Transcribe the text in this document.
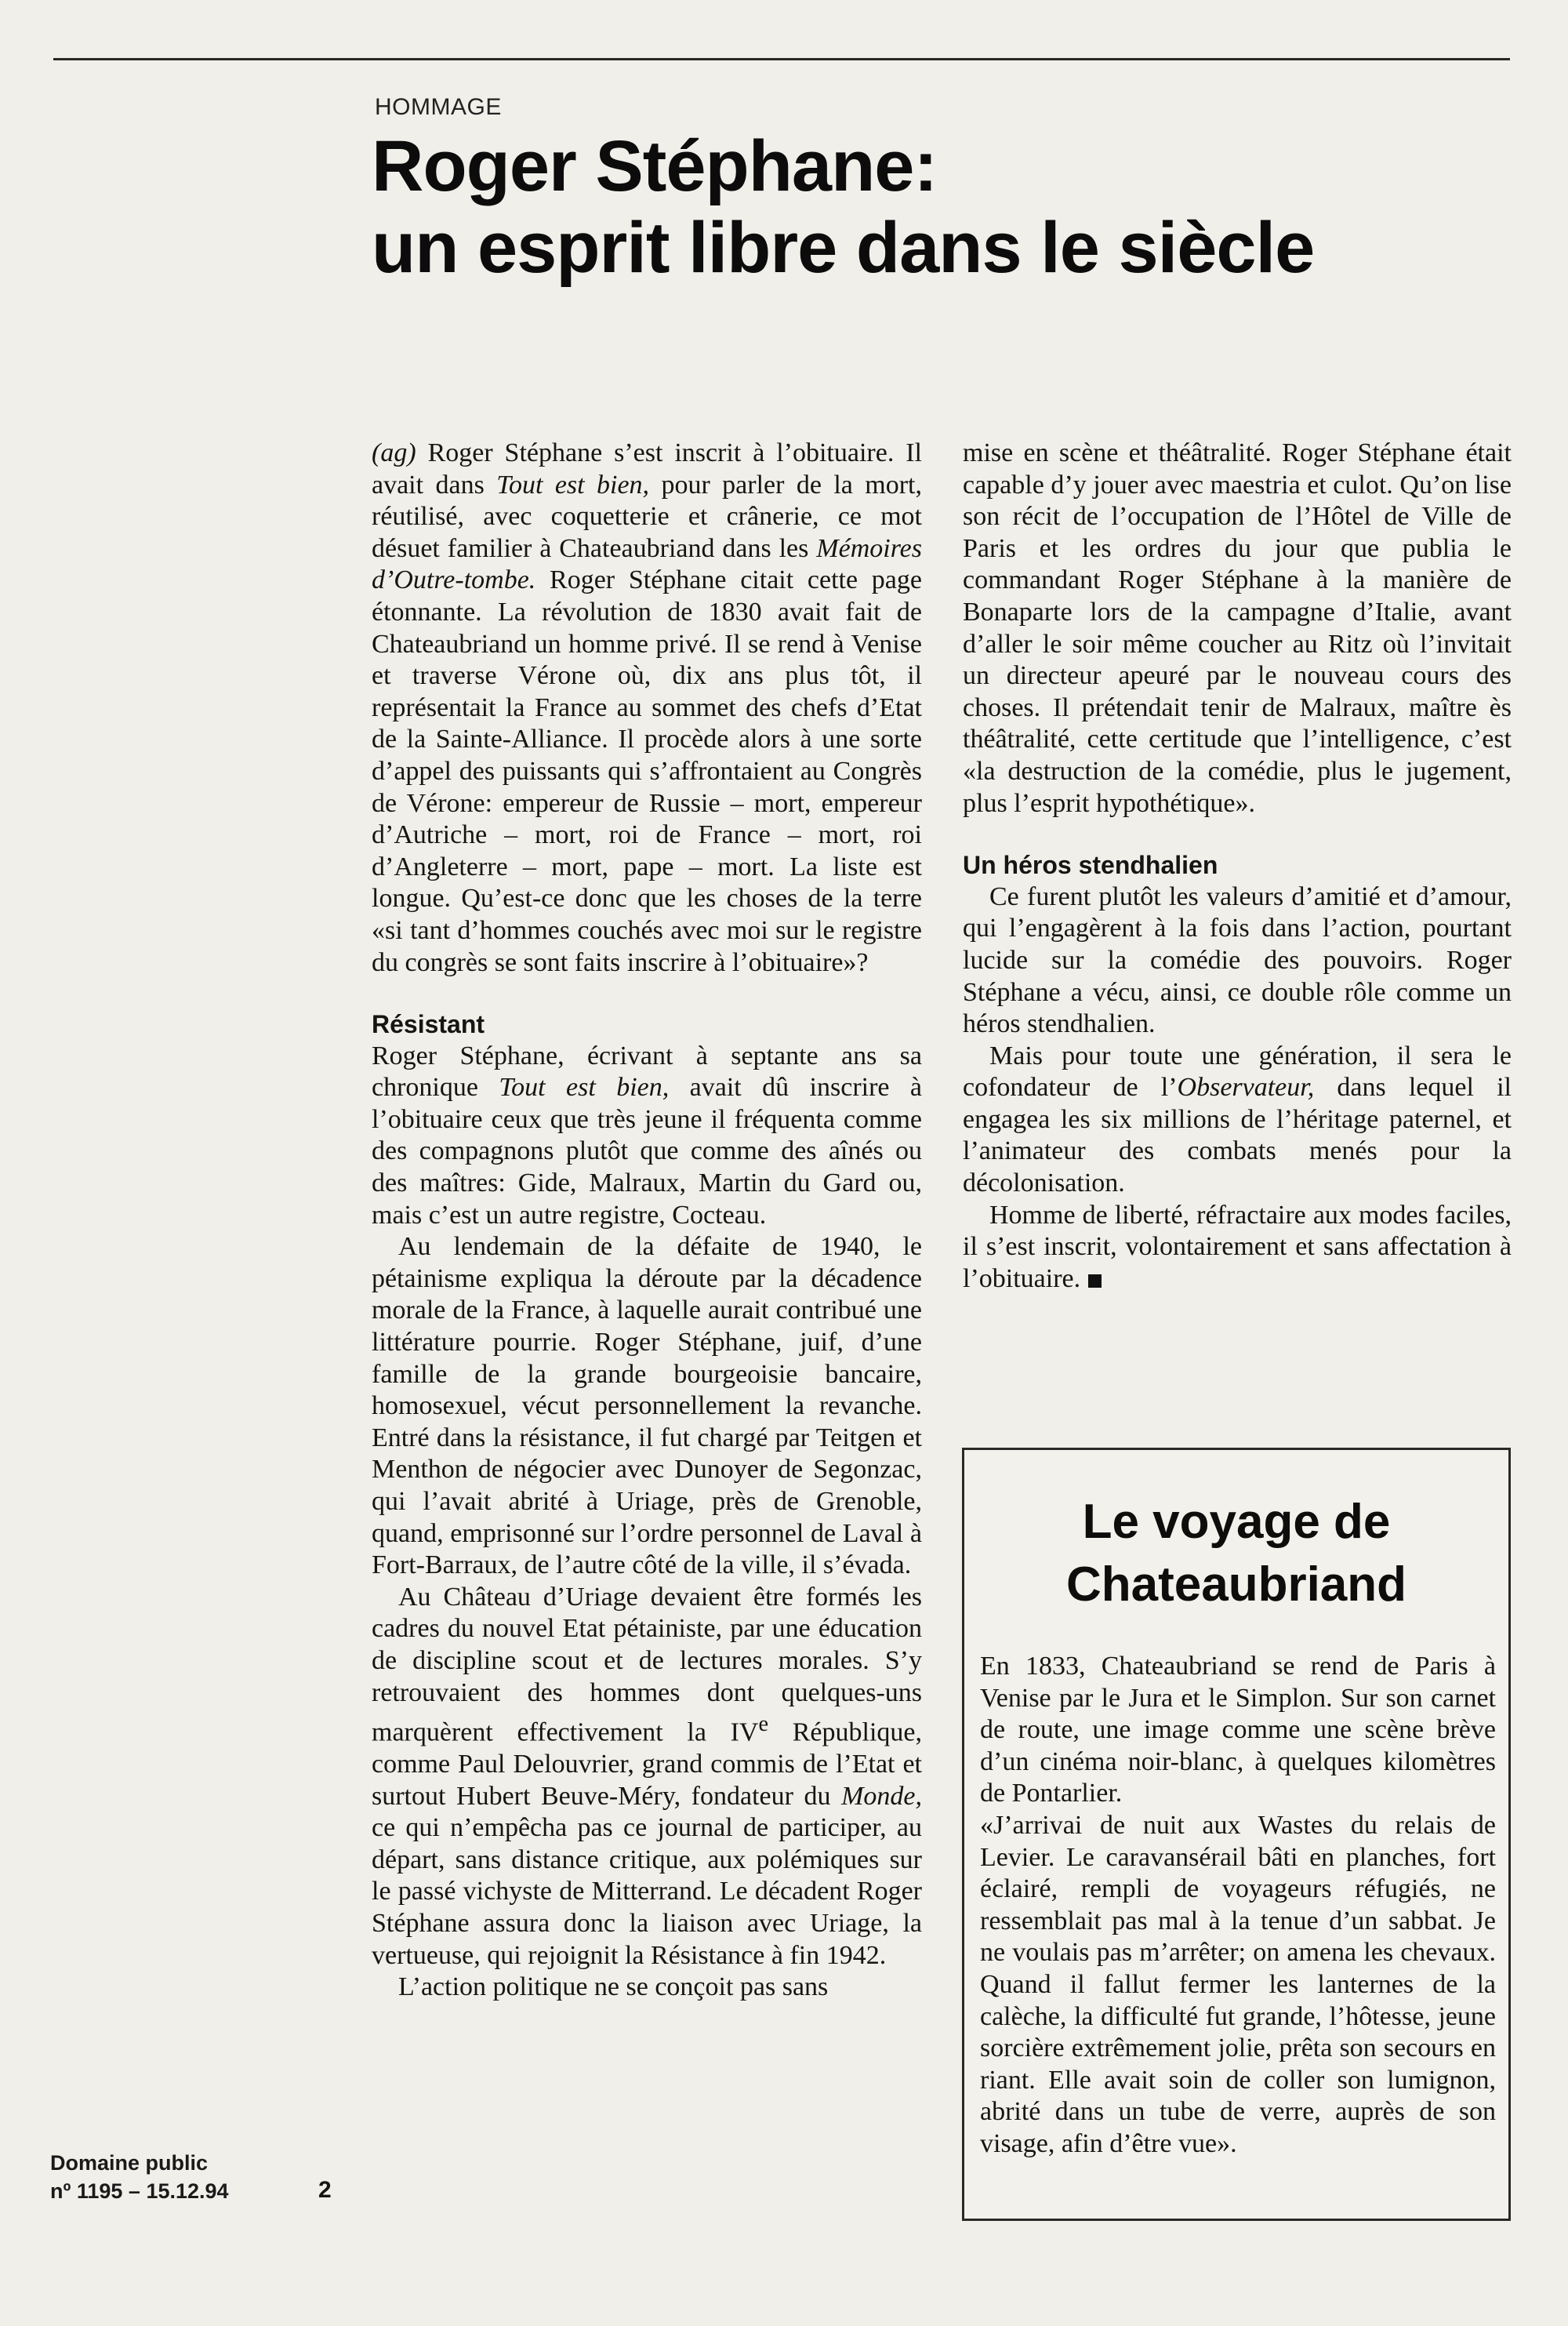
HOMMAGE
Roger Stéphane:
un esprit libre dans le siècle

(ag) Roger Stéphane s’est inscrit à l’obituaire. Il avait dans Tout est bien, pour parler de la mort, réutilisé, avec coquetterie et crânerie, ce mot désuet familier à Chateaubriand dans les Mémoires d’Outre-tombe. Roger Stéphane citait cette page étonnante. La révolution de 1830 avait fait de Chateaubriand un homme privé. Il se rend à Venise et traverse Vérone où, dix ans plus tôt, il représentait la France au sommet des chefs d’Etat de la Sainte-Alliance. Il procède alors à une sorte d’appel des puissants qui s’affrontaient au Congrès de Vérone: empereur de Russie – mort, empereur d’Autriche – mort, roi de France – mort, roi d’Angleterre – mort, pape – mort. La liste est longue. Qu’est-ce donc que les choses de la terre «si tant d’hommes couchés avec moi sur le registre du congrès se sont faits inscrire à l’obituaire»?

Résistant

Roger Stéphane, écrivant à septante ans sa chronique Tout est bien, avait dû inscrire à l’obituaire ceux que très jeune il fréquenta comme des compagnons plutôt que comme des aînés ou des maîtres: Gide, Malraux, Martin du Gard ou, mais c’est un autre registre, Cocteau.

Au lendemain de la défaite de 1940, le pétainisme expliqua la déroute par la décadence morale de la France, à laquelle aurait contribué une littérature pourrie. Roger Stéphane, juif, d’une famille de la grande bourgeoisie bancaire, homosexuel, vécut personnellement la revanche. Entré dans la résistance, il fut chargé par Teitgen et Menthon de négocier avec Dunoyer de Segonzac, qui l’avait abrité à Uriage, près de Grenoble, quand, emprisonné sur l’ordre personnel de Laval à Fort-Barraux, de l’autre côté de la ville, il s’évada.

Au Château d’Uriage devaient être formés les cadres du nouvel Etat pétainiste, par une éducation de discipline scout et de lectures morales. S’y retrouvaient des hommes dont quelques-uns marquèrent effectivement la IVe République, comme Paul Delouvrier, grand commis de l’Etat et surtout Hubert Beuve-Méry, fondateur du Monde, ce qui n’empêcha pas ce journal de participer, au départ, sans distance critique, aux polémiques sur le passé vichyste de Mitterrand. Le décadent Roger Stéphane assura donc la liaison avec Uriage, la vertueuse, qui rejoignit la Résistance à fin 1942.

L’action politique ne se conçoit pas sans

mise en scène et théâtralité. Roger Stéphane était capable d’y jouer avec maestria et culot. Qu’on lise son récit de l’occupation de l’Hôtel de Ville de Paris et les ordres du jour que publia le commandant Roger Stéphane à la manière de Bonaparte lors de la campagne d’Italie, avant d’aller le soir même coucher au Ritz où l’invitait un directeur apeuré par le nouveau cours des choses. Il prétendait tenir de Malraux, maître ès théâtralité, cette certitude que l’intelligence, c’est «la destruction de la comédie, plus le jugement, plus l’esprit hypothétique».

Un héros stendhalien

Ce furent plutôt les valeurs d’amitié et d’amour, qui l’engagèrent à la fois dans l’action, pourtant lucide sur la comédie des pouvoirs. Roger Stéphane a vécu, ainsi, ce double rôle comme un héros stendhalien.

Mais pour toute une génération, il sera le cofondateur de l’Observateur, dans lequel il engagea les six millions de l’héritage paternel, et l’animateur des combats menés pour la décolonisation.

Homme de liberté, réfractaire aux modes faciles, il s’est inscrit, volontairement et sans affectation à l’obituaire.

Le voyage de
Chateaubriand

En 1833, Chateaubriand se rend de Paris à Venise par le Jura et le Simplon. Sur son carnet de route, une image comme une scène brève d’un cinéma noir-blanc, à quelques kilomètres de Pontarlier.

«J’arrivai de nuit aux Wastes du relais de Levier. Le caravansérail bâti en planches, fort éclairé, rempli de voyageurs réfugiés, ne ressemblait pas mal à la tenue d’un sabbat. Je ne voulais pas m’arrêter; on amena les chevaux. Quand il fallut fermer les lanternes de la calèche, la difficulté fut grande, l’hôtesse, jeune sorcière extrêmement jolie, prêta son secours en riant. Elle avait soin de coller son lumignon, abrité dans un tube de verre, auprès de son visage, afin d’être vue».

Domaine public
nº 1195 – 15.12.94	2
